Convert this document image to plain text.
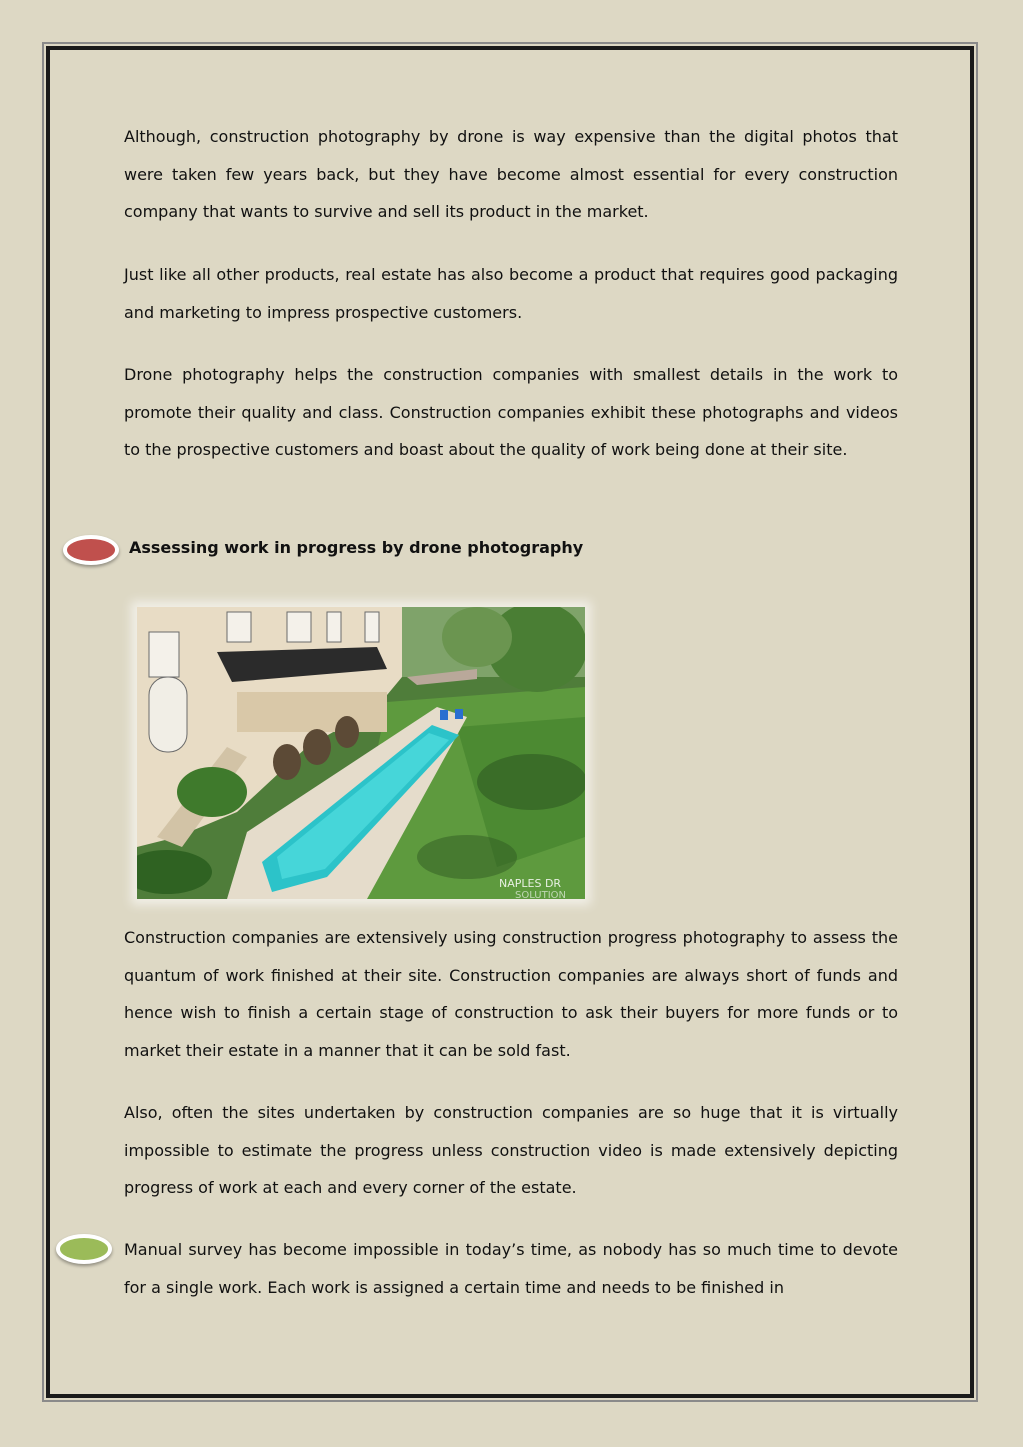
Although, construction photography by drone is way expensive than the digital photos that were taken few years back, but they have become almost essential for every construction company that wants to survive and sell its product in the market.

Just like all other products, real estate has also become a product that requires good packaging and marketing to impress prospective customers.

Drone photography helps the construction companies with smallest details in the work to promote their quality and class. Construction companies exhibit these photographs and videos to the prospective customers and boast about the quality of work being done at their site.

Assessing work in progress by drone photography
NAPLES DR
SOLUTION

Construction companies are extensively using construction progress photography to assess the quantum of work finished at their site. Construction companies are always short of funds and hence wish to finish a certain stage of construction to ask their buyers for more funds or to market their estate in a manner that it can be sold fast.

Also, often the sites undertaken by construction companies are so huge that it is virtually impossible to estimate the progress unless construction video is made extensively depicting progress of work at each and every corner of the estate.

Manual survey has become impossible in today’s time, as nobody has so much time to devote for a single work. Each work is assigned a certain time and needs to be finished in
